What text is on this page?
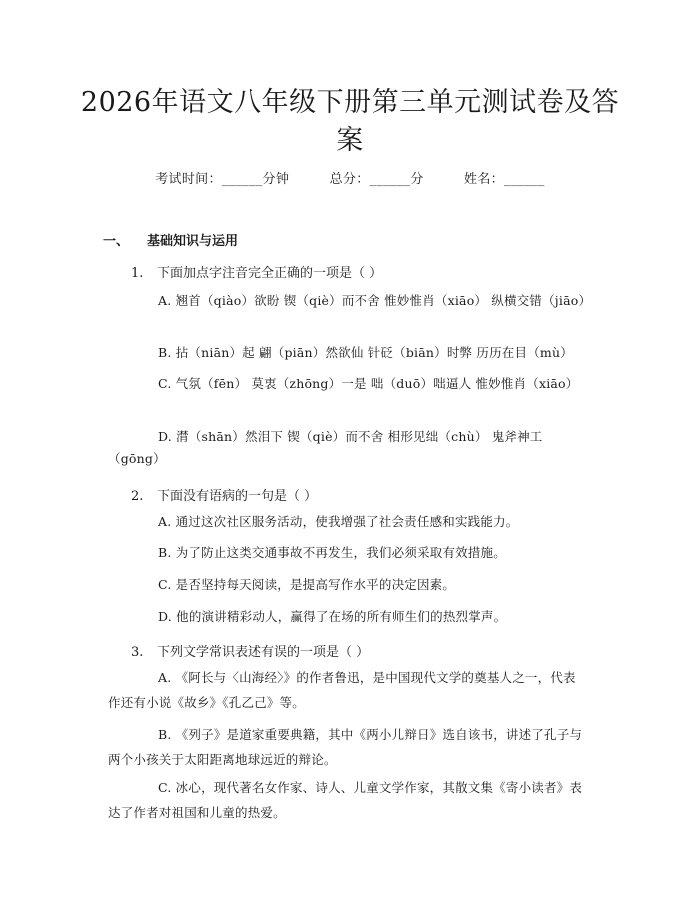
2026年语文八年级下册第三单元测试卷及答案
考试时间：______分钟	总分：______分	姓名：______
一、 基础知识与运用
1. 下面加点字注音完全正确的一项是（ ）
A. 翘首（qiào）欲盼 锲（qiè）而不舍 惟妙惟肖（xiāo） 纵横交错（jiāo）
B. 拈（niān）起 翩（piān）然欲仙 针砭（biān）时弊 历历在目（mù）
C. 气氛（fēn） 莫衷（zhōng）一是 咄（duō）咄逼人 惟妙惟肖（xiāo）
D. 潸（shān）然泪下 锲（qiè）而不舍 相形见绌（chù） 鬼斧神工（gōng）
2. 下面没有语病的一句是（ ）
A. 通过这次社区服务活动，使我增强了社会责任感和实践能力。
B. 为了防止这类交通事故不再发生，我们必须采取有效措施。
C. 是否坚持每天阅读，是提高写作水平的决定因素。
D. 他的演讲精彩动人，赢得了在场的所有师生们的热烈掌声。
3. 下列文学常识表述有误的一项是（ ）
A. 《阿长与〈山海经〉》的作者鲁迅，是中国现代文学的奠基人之一，代表作还有小说《故乡》《孔乙己》等。
B. 《列子》是道家重要典籍，其中《两小儿辩日》选自该书，讲述了孔子与两个小孩关于太阳距离地球远近的辩论。
C. 冰心，现代著名女作家、诗人、儿童文学作家，其散文集《寄小读者》表达了作者对祖国和儿童的热爱。
